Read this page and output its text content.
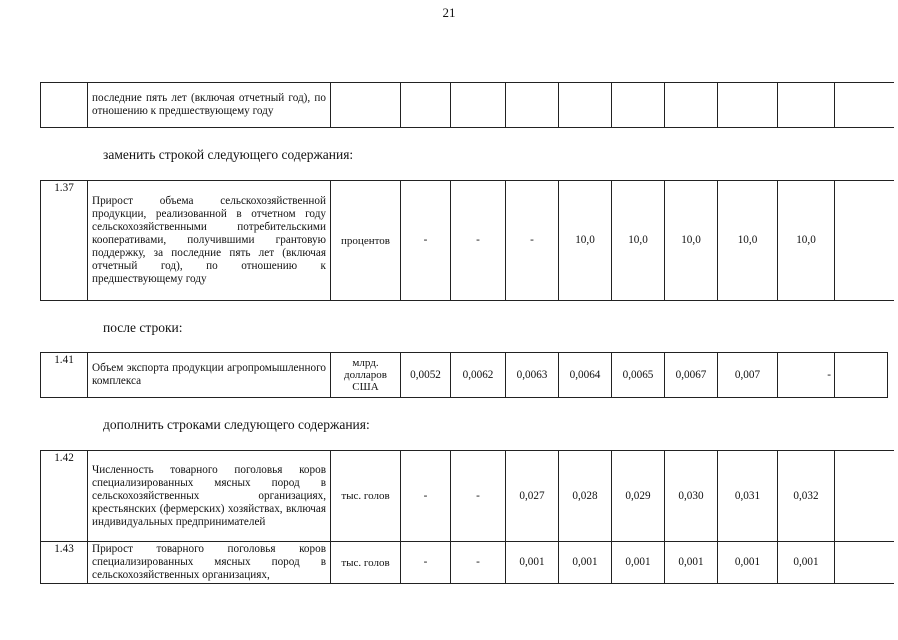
21
	последние пять лет (включая отчетный год), по отношению к предшествующему году										
заменить строкой следующего содержания:
1.37	Прирост объема сельскохозяйственной продукции, реализованной в отчетном году сельскохозяйственными потребительскими кооперативами, получившими грантовую поддержку, за последние пять лет (включая отчетный год), по отношению к предшествующему году	процентов	-	-	-	10,0	10,0	10,0	10,0	10,0	
после строки:
1.41	Объем экспорта продукции агропромышленного комплекса	млрд. долларов США	0,0052	0,0062	0,0063	0,0064	0,0065	0,0067	0,007	-	
дополнить строками следующего содержания:
1.42	Численность товарного поголовья коров специализированных мясных пород в сельскохозяйственных организациях, крестьянских (фермерских) хозяйствах, включая индивидуальных предпринимателей	тыс. голов	-	-	0,027	0,028	0,029	0,030	0,031	0,032	
1.43	Прирост товарного поголовья коров специализированных мясных пород в сельскохозяйственных организациях,	тыс. голов	-	-	0,001	0,001	0,001	0,001	0,001	0,001	
